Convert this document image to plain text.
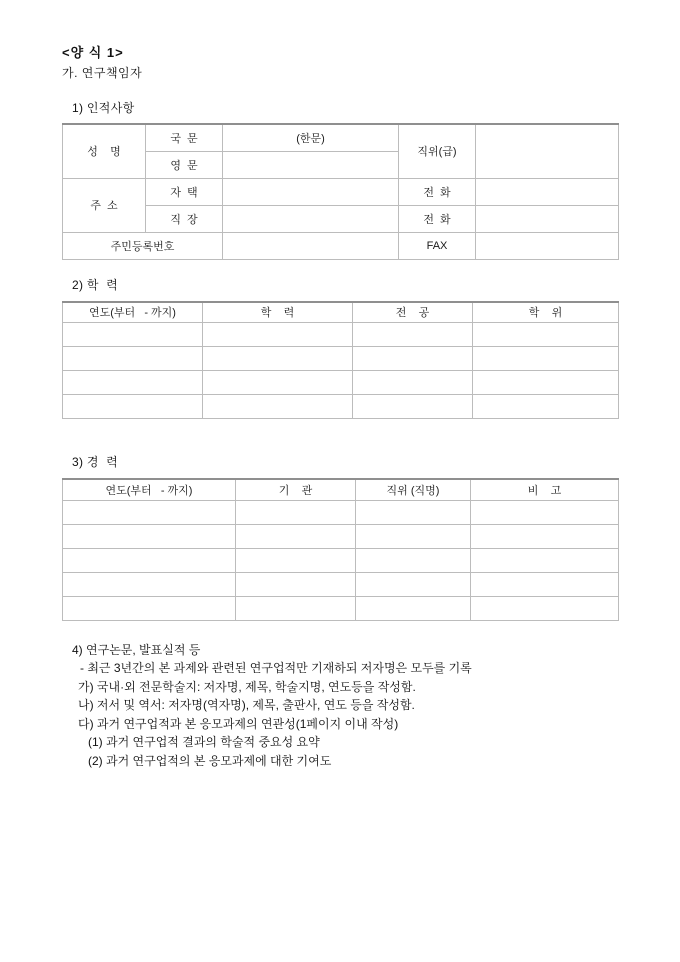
<양 식 1>
가. 연구책임자
1) 인적사항
성    명	국  문	(한문)	직위(급)	
	영  문			
주  소	자  택		전  화	
	직  장		전  화	
주민등록번호			FAX	
2) 학  력
연도(부터   - 까지)	학    력	전    공	학    위

3) 경  력
연도(부터   - 까지)	기    관	직위 (직명)	비    고

4) 연구논문, 발표실적 등

- 최근 3년간의 본 과제와 관련된 연구업적만 기재하되 저자명은 모두를 기록

가) 국내·외 전문학술지: 저자명, 제목, 학술지명, 연도등을 작성함.

나) 저서 및 역서: 저자명(역자명), 제목, 출판사, 연도 등을 작성함.

다) 과거 연구업적과 본 응모과제의 연관성(1페이지 이내 작성)

(1) 과거 연구업적 결과의 학술적 중요성 요약

(2) 과거 연구업적의 본 응모과제에 대한 기여도
